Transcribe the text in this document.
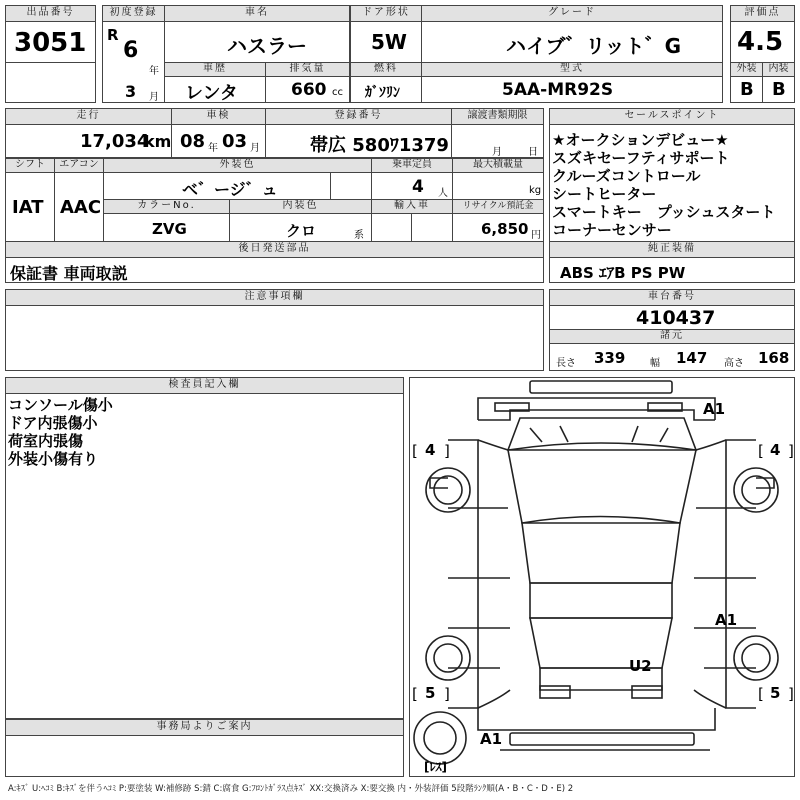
出品番号
3051
初度登録
R
6
年
3 月
車名
ハスラー
ドア形状
5W
グレード
ハイブ゛リット゛G
車歴
レンタ
排気量
660 cc
燃料
ｶﾞｿﾘﾝ
型式
5AA-MR92S
評価点
4.5
外装	内装
B B
走行
17,034
km
車検
08 年 03 月
登録番号
帯広 580ﾜ1379
譲渡書類期限
月	日
シフト
IAT
エアコン
AAC
外装色
ベ゛ージ゛ュ
乗車定員
4 人
最大積載量
kg
カラーNo.
ZVG
内装色
クロ	系
輸入車	リサイクル預託金
6,850 円
後日発送部品
保証書 車両取説
セールスポイント
★オークションデビュー★
スズキセーフティサポート
クルーズコントロール
シートヒーター
スマートキー　プッシュスタート
コーナーセンサー
純正装備
ABS ｴｱB PS PW
注意事項欄	車台番号
410437
諸元
長さ 339 幅 147 高さ 168
検査員記入欄
コンソール傷小
ドア内張傷小
荷室内張傷
外装小傷有り
事務局よりご案内
A1
[ 4 ]	[ 4 ]
A1
U2
[ 5 ]	[ 5 ]
A1
[ﾚｽ]
A:ｷｽﾞ U:ﾍｺﾐ B:ｷｽﾞを伴うﾍｺﾐ P:要塗装 W:補修跡 S:錆 C:腐食 G:ﾌﾛﾝﾄｶﾞﾗｽ点ｷｽﾞ XX:交換済み X:要交換 内・外装評価 5段階ﾗﾝｸ順(A・B・C・D・E) 2
